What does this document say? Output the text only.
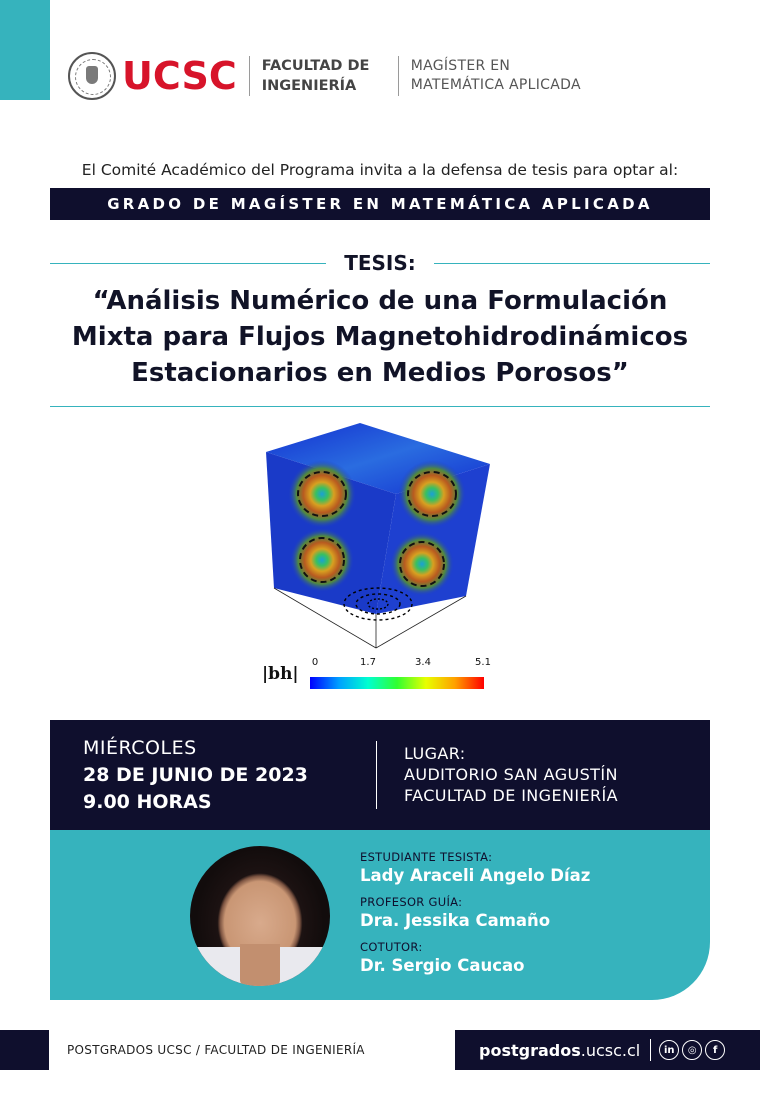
UCSC FACULTAD DE
INGENIERÍA
MAGÍSTER EN
MATEMÁTICA APLICADA
El Comité Académico del Programa invita a la defensa de tesis para optar al:
GRADO DE MAGÍSTER EN MATEMÁTICA APLICADA
TESIS:
“Análisis Numérico de una Formulación
Mixta para Flujos Magnetohidrodinámicos
Estacionarios en Medios Porosos”
|bh|
0	1.7	3.4	5.1
MIÉRCOLES
28 DE JUNIO DE 2023
9.00 HORAS
LUGAR:
AUDITORIO SAN AGUSTÍN
FACULTAD DE INGENIERÍA
ESTUDIANTE TESISTA:
Lady Araceli Angelo Díaz
PROFESOR GUÍA:
Dra. Jessika Camaño
COTUTOR:
Dr. Sergio Caucao
POSTGRADOS UCSC / FACULTAD DE INGENIERÍA	postgrados .ucsc.cl	in	◎	f
